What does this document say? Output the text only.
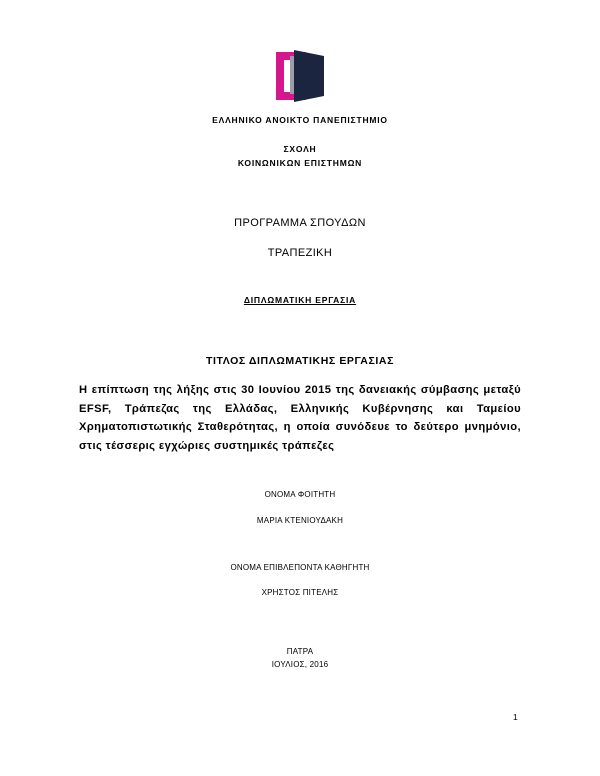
ΕΛΛΗΝΙΚΟ ΑΝΟΙΚΤΟ ΠΑΝΕΠΙΣΤΗΜΙΟ
ΣΧΟΛΗ
ΚΟΙΝΩΝΙΚΩΝ ΕΠΙΣΤΗΜΩΝ
ΠΡΟΓΡΑΜΜΑ ΣΠΟΥΔΩΝ
ΤΡΑΠΕΖΙΚΗ
ΔΙΠΛΩΜΑΤΙΚΗ ΕΡΓΑΣΙΑ
ΤΙΤΛΟΣ ΔΙΠΛΩΜΑΤΙΚΗΣ ΕΡΓΑΣΙΑΣ
Η επίπτωση της λήξης στις 30 Ιουνίου 2015 της δανειακής σύμβασης μεταξύ EFSF, Τράπεζας της Ελλάδας, Ελληνικής Κυβέρνησης και Ταμείου Χρηματοπιστωτικής Σταθερότητας, η οποία συνόδευε το δεύτερο μνημόνιο, στις τέσσερις εγχώριες συστημικές τράπεζες
ΟΝΟΜΑ ΦΟΙΤΗΤΗ
ΜΑΡΙΑ ΚΤΕΝΙΟΥΔΑΚΗ
ΟΝΟΜΑ ΕΠΙΒΛΕΠΟΝΤΑ ΚΑΘΗΓΗΤΗ
ΧΡΗΣΤΟΣ ΠΙΤΕΛΗΣ
ΠΑΤΡΑ
ΙΟΥΛΙΟΣ, 2016
1
